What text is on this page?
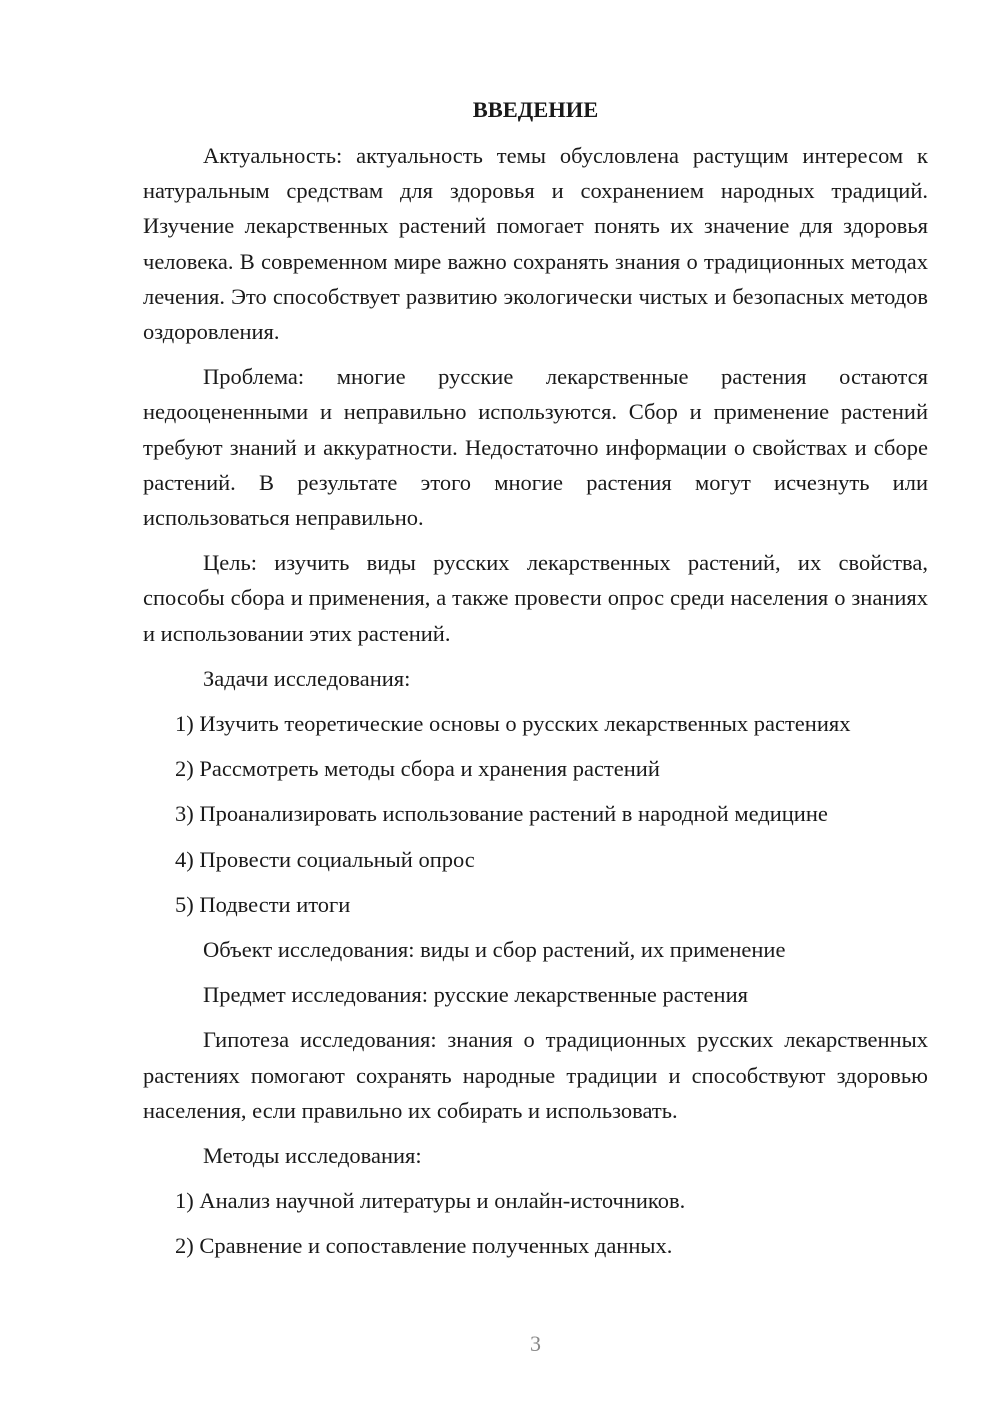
ВВЕДЕНИЕ
Актуальность: актуальность темы обусловлена растущим интересом к натуральным средствам для здоровья и сохранением народных традиций. Изучение лекарственных растений помогает понять их значение для здоровья человека. В современном мире важно сохранять знания о традиционных методах лечения. Это способствует развитию экологически чистых и безопасных методов оздоровления.
Проблема: многие русские лекарственные растения остаются недооцененными и неправильно используются. Сбор и применение растений требуют знаний и аккуратности. Недостаточно информации о свойствах и сборе растений. В результате этого многие растения могут исчезнуть или использоваться неправильно.
Цель: изучить виды русских лекарственных растений, их свойства, способы сбора и применения, а также провести опрос среди населения о знаниях и использовании этих растений.
Задачи исследования:
1) Изучить теоретические основы о русских лекарственных растениях
2) Рассмотреть методы сбора и хранения растений
3) Проанализировать использование растений в народной медицине
4) Провести социальный опрос
5) Подвести итоги
Объект исследования: виды и сбор растений, их применение
Предмет исследования: русские лекарственные растения
Гипотеза исследования: знания о традиционных русских лекарственных растениях помогают сохранять народные традиции и способствуют здоровью населения, если правильно их собирать и использовать.
Методы исследования:
1) Анализ научной литературы и онлайн-источников.
2) Сравнение и сопоставление полученных данных.
3
